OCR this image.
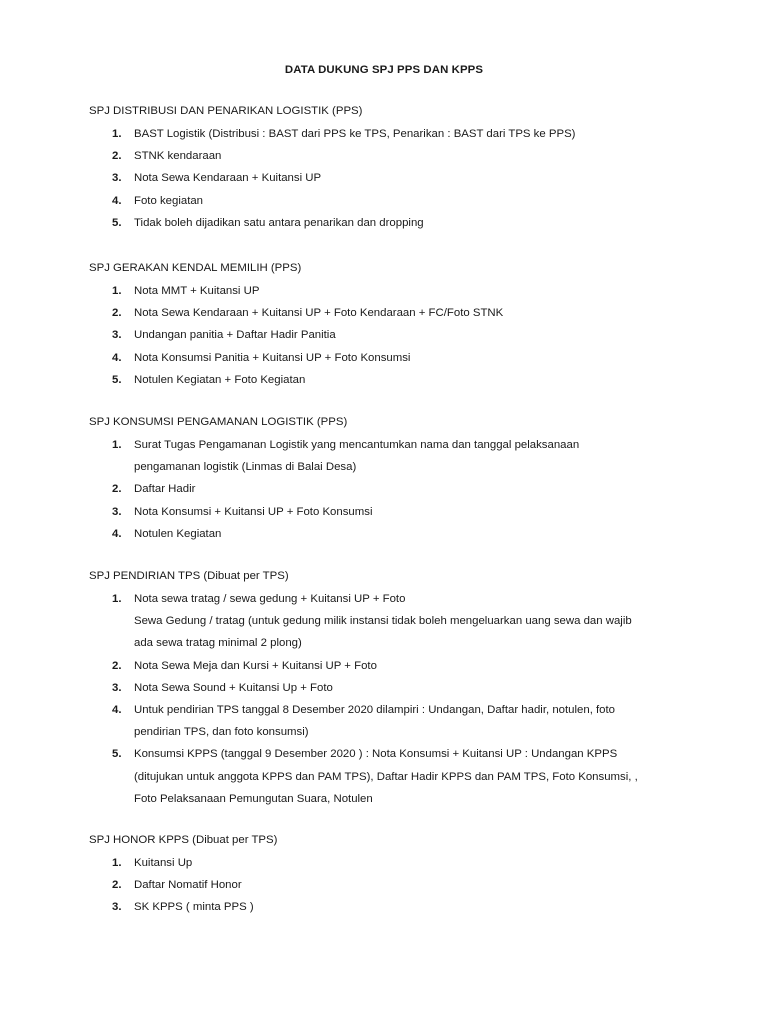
DATA DUKUNG SPJ PPS DAN KPPS
SPJ DISTRIBUSI DAN PENARIKAN LOGISTIK (PPS)
1. BAST Logistik (Distribusi : BAST dari PPS ke TPS, Penarikan : BAST dari TPS ke PPS)
2. STNK kendaraan
3. Nota Sewa Kendaraan + Kuitansi UP
4. Foto kegiatan
5. Tidak boleh dijadikan satu antara penarikan dan dropping
SPJ GERAKAN KENDAL MEMILIH (PPS)
1. Nota MMT + Kuitansi UP
2. Nota Sewa Kendaraan + Kuitansi UP + Foto Kendaraan + FC/Foto STNK
3. Undangan panitia + Daftar Hadir Panitia
4. Nota Konsumsi Panitia + Kuitansi UP + Foto Konsumsi
5. Notulen Kegiatan + Foto Kegiatan
SPJ KONSUMSI PENGAMANAN LOGISTIK (PPS)
1. Surat Tugas Pengamanan Logistik yang mencantumkan nama dan tanggal pelaksanaan
pengamanan logistik (Linmas di Balai Desa)
2. Daftar Hadir
3. Nota Konsumsi + Kuitansi UP + Foto Konsumsi
4. Notulen Kegiatan
SPJ PENDIRIAN TPS (Dibuat per TPS)
1. Nota sewa tratag / sewa gedung + Kuitansi UP + Foto
Sewa Gedung / tratag (untuk gedung milik instansi tidak boleh mengeluarkan uang sewa dan wajib
ada sewa tratag minimal 2 plong)
2. Nota Sewa Meja dan Kursi + Kuitansi UP + Foto
3. Nota Sewa Sound + Kuitansi Up + Foto
4. Untuk pendirian TPS tanggal 8 Desember 2020 dilampiri : Undangan, Daftar hadir, notulen, foto
pendirian TPS, dan foto konsumsi)
5. Konsumsi KPPS (tanggal 9 Desember 2020 ) : Nota Konsumsi + Kuitansi UP : Undangan KPPS
(ditujukan untuk anggota KPPS dan PAM TPS), Daftar Hadir KPPS dan PAM TPS, Foto Konsumsi, ,
Foto Pelaksanaan Pemungutan Suara, Notulen
SPJ HONOR KPPS (Dibuat per TPS)
1. Kuitansi Up
2. Daftar Nomatif Honor
3. SK KPPS ( minta PPS )
